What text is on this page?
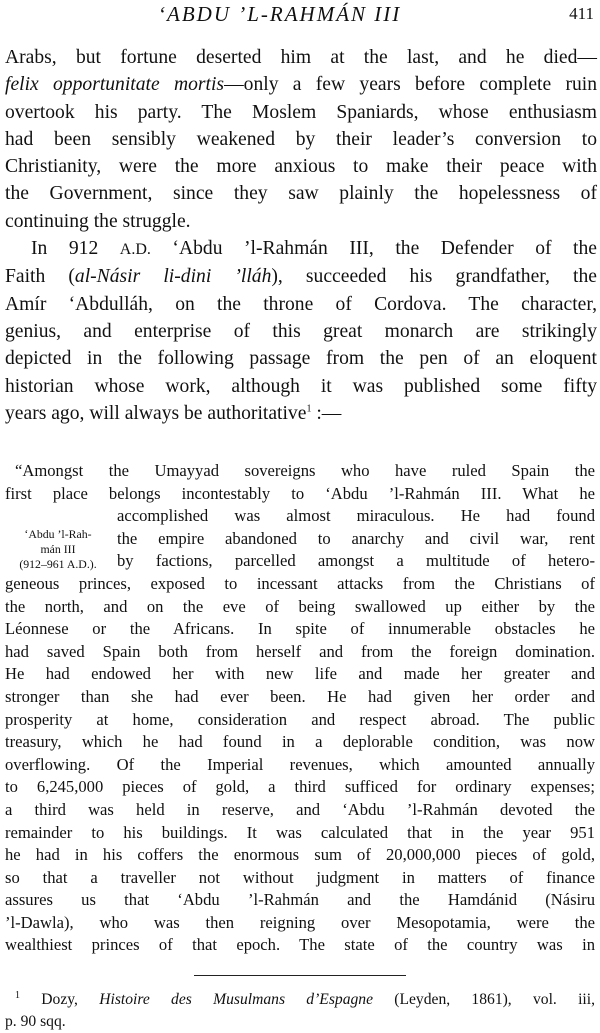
‘ABDU ’L-RAHMÁN III	411

Arabs, but fortune deserted him at the last, and he died—
felix opportunitate mortis—only a few years before complete ruin
overtook his party. The Moslem Spaniards, whose enthusiasm
had been sensibly weakened by their leader’s conversion to
Christianity, were the more anxious to make their peace with
the Government, since they saw plainly the hopelessness of
continuing the struggle.

In 912 A.D. ‘Abdu ’l-Rahmán III, the Defender of the
Faith (al-Násir li-dini ’lláh), succeeded his grandfather, the
Amír ‘Abdulláh, on the throne of Cordova. The character,
genius, and enterprise of this great monarch are strikingly
depicted in the following passage from the pen of an eloquent
historian whose work, although it was published some fifty
years ago, will always be authoritative$^1$ :—

“Amongst the Umayyad sovereigns who have ruled Spain the
first place belongs incontestably to ‘Abdu ’l-Rahmán III. What he
‘Abdu ’l-Rah-
mán III
(912–961 A.D.).
accomplished was almost miraculous. He had found
the empire abandoned to anarchy and civil war, rent
by factions, parcelled amongst a multitude of hetero-
geneous princes, exposed to incessant attacks from the Christians of
the north, and on the eve of being swallowed up either by the
Léonnese or the Africans. In spite of innumerable obstacles he
had saved Spain both from herself and from the foreign domination.
He had endowed her with new life and made her greater and
stronger than she had ever been. He had given her order and
prosperity at home, consideration and respect abroad. The public
treasury, which he had found in a deplorable condition, was now
overflowing. Of the Imperial revenues, which amounted annually
to 6,245,000 pieces of gold, a third sufficed for ordinary expenses;
a third was held in reserve, and ‘Abdu ’l-Rahmán devoted the
remainder to his buildings. It was calculated that in the year 951
he had in his coffers the enormous sum of 20,000,000 pieces of gold,
so that a traveller not without judgment in matters of finance
assures us that ‘Abdu ’l-Rahmán and the Hamdánid (Násiru
’l-Dawla), who was then reigning over Mesopotamia, were the
wealthiest princes of that epoch. The state of the country was in
$^1$ Dozy, Histoire des Musulmans d’Espagne (Leyden, 1861), vol. iii,
p. 90 sqq.
